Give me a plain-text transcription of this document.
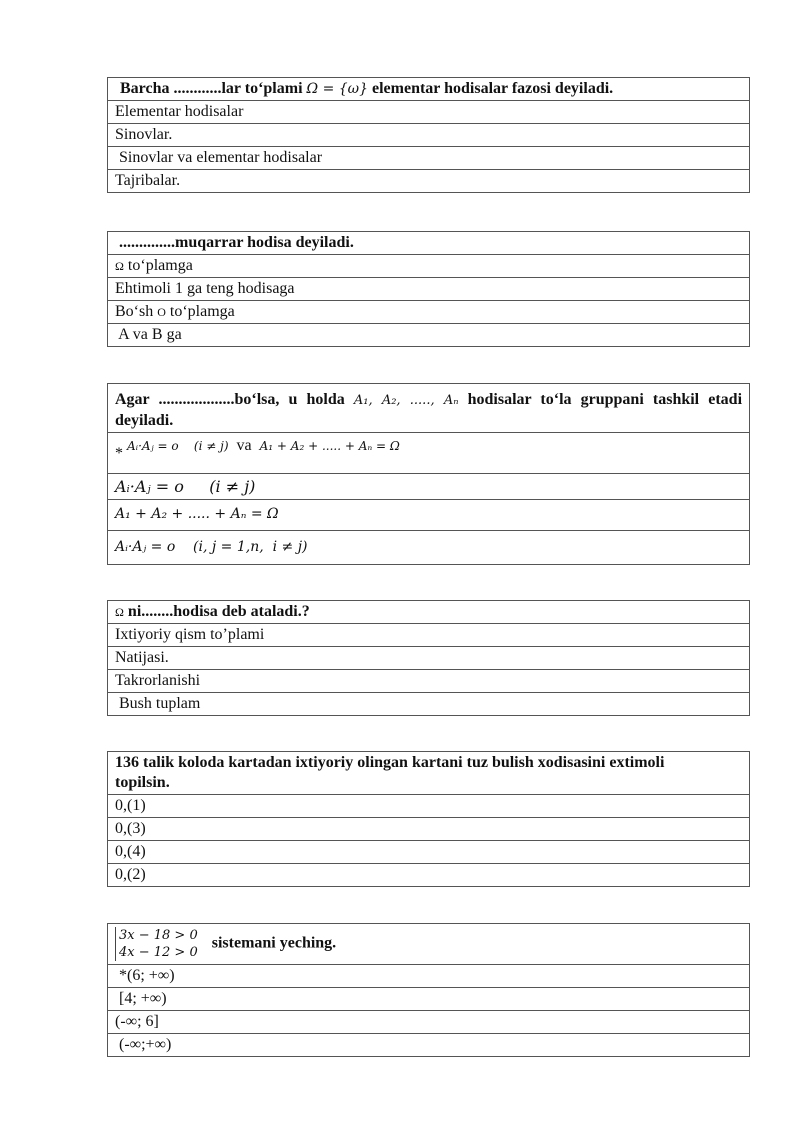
Barcha ............lar to‘plami Ω = {ω} elementar hodisalar fazosi deyiladi.
Elementar hodisalar
Sinovlar.
Sinovlar va elementar hodisalar
Tajribalar.
..............muqarrar hodisa deyiladi.
Ω to‘plamga
Ehtimoli 1 ga teng hodisaga
Bo‘sh O to‘plamga
A va B ga
Agar ...................bo‘lsa, u holda A₁, A₂, ....., Aₙ hodisalar to‘la gruppani tashkil etadi deyiladi.
* Aᵢ·Aⱼ = o    (i ≠ j)  va  A₁ + A₂ + ..... + Aₙ = Ω
Aᵢ·Aⱼ = o     (i ≠ j)
A₁ + A₂ + ..... + Aₙ = Ω
Aᵢ·Aⱼ = o    (i, j = 1,n,  i ≠ j)
Ω ni........hodisa deb ataladi.?
Ixtiyoriy qism to’plami
Natijasi.
Takrorlanishi
Bush tuplam
136 talik koloda kartadan ixtiyoriy olingan kartani tuz bulish xodisasini extimoli topilsin.
0,(1)
0,(3)
0,(4)
0,(2)
3x − 18 > 0
4x − 12 > 0 sistemani yeching.
*(6; +∞)
[4; +∞)
(-∞; 6]
(-∞;+∞)
